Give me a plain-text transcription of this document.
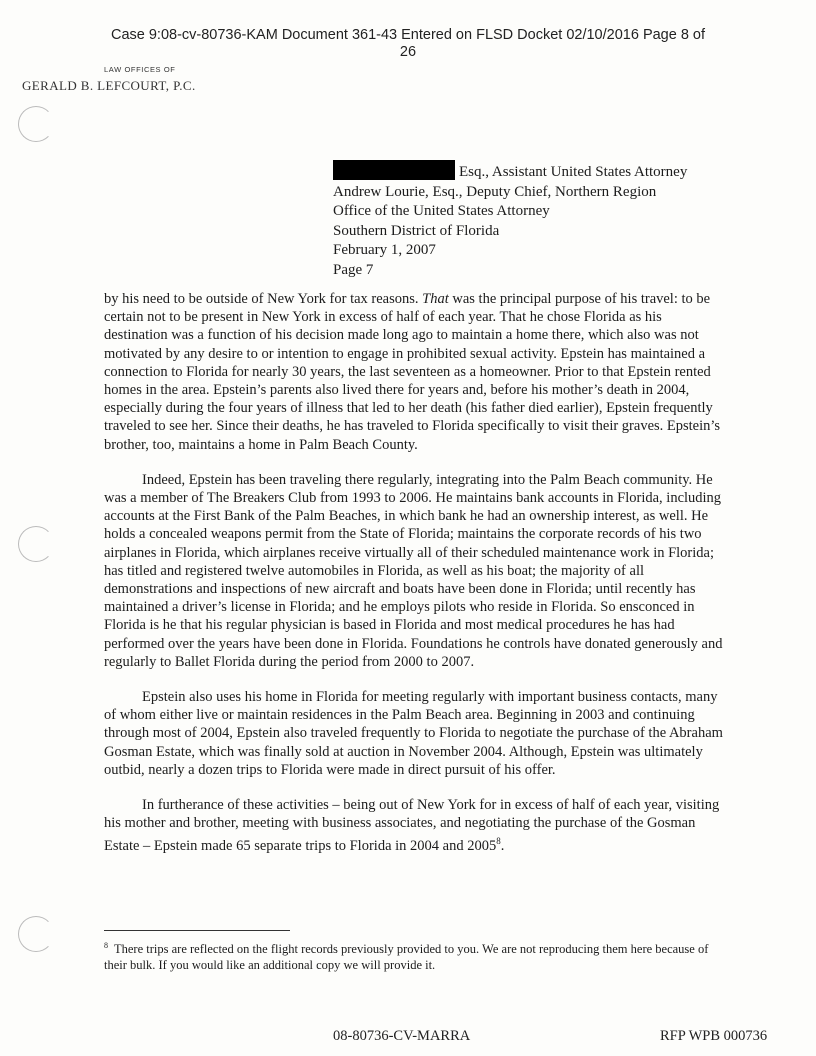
Case 9:08-cv-80736-KAM Document 361-43 Entered on FLSD Docket 02/10/2016 Page 8 of
26
LAW OFFICES OF
GERALD B. LEFCOURT, P.C.
Esq., Assistant United States Attorney
Andrew Lourie, Esq., Deputy Chief, Northern Region
Office of the United States Attorney
Southern District of Florida
February 1, 2007
Page 7

by his need to be outside of New York for tax reasons. That was the principal purpose of his travel: to be certain not to be present in New York in excess of half of each year. That he chose Florida as his destination was a function of his decision made long ago to maintain a home there, which also was not motivated by any desire to or intention to engage in prohibited sexual activity. Epstein has maintained a connection to Florida for nearly 30 years, the last seventeen as a homeowner. Prior to that Epstein rented homes in the area. Epstein’s parents also lived there for years and, before his mother’s death in 2004, especially during the four years of illness that led to her death (his father died earlier), Epstein frequently traveled to see her. Since their deaths, he has traveled to Florida specifically to visit their graves. Epstein’s brother, too, maintains a home in Palm Beach County.

Indeed, Epstein has been traveling there regularly, integrating into the Palm Beach community. He was a member of The Breakers Club from 1993 to 2006. He maintains bank accounts in Florida, including accounts at the First Bank of the Palm Beaches, in which bank he had an ownership interest, as well. He holds a concealed weapons permit from the State of Florida; maintains the corporate records of his two airplanes in Florida, which airplanes receive virtually all of their scheduled maintenance work in Florida; has titled and registered twelve automobiles in Florida, as well as his boat; the majority of all demonstrations and inspections of new aircraft and boats have been done in Florida; until recently has maintained a driver’s license in Florida; and he employs pilots who reside in Florida. So ensconced in Florida is he that his regular physician is based in Florida and most medical procedures he has had performed over the years have been done in Florida. Foundations he controls have donated generously and regularly to Ballet Florida during the period from 2000 to 2007.

Epstein also uses his home in Florida for meeting regularly with important business contacts, many of whom either live or maintain residences in the Palm Beach area. Beginning in 2003 and continuing through most of 2004, Epstein also traveled frequently to Florida to negotiate the purchase of the Abraham Gosman Estate, which was finally sold at auction in November 2004. Although, Epstein was ultimately outbid, nearly a dozen trips to Florida were made in direct pursuit of his offer.

In furtherance of these activities – being out of New York for in excess of half of each year, visiting his mother and brother, meeting with business associates, and negotiating the purchase of the Gosman Estate – Epstein made 65 separate trips to Florida in 2004 and 2005$^8$.

$^8$ There trips are reflected on the flight records previously provided to you. We are not reproducing them here because of their bulk. If you would like an additional copy we will provide it.
08-80736-CV-MARRA	RFP WPB 000736
